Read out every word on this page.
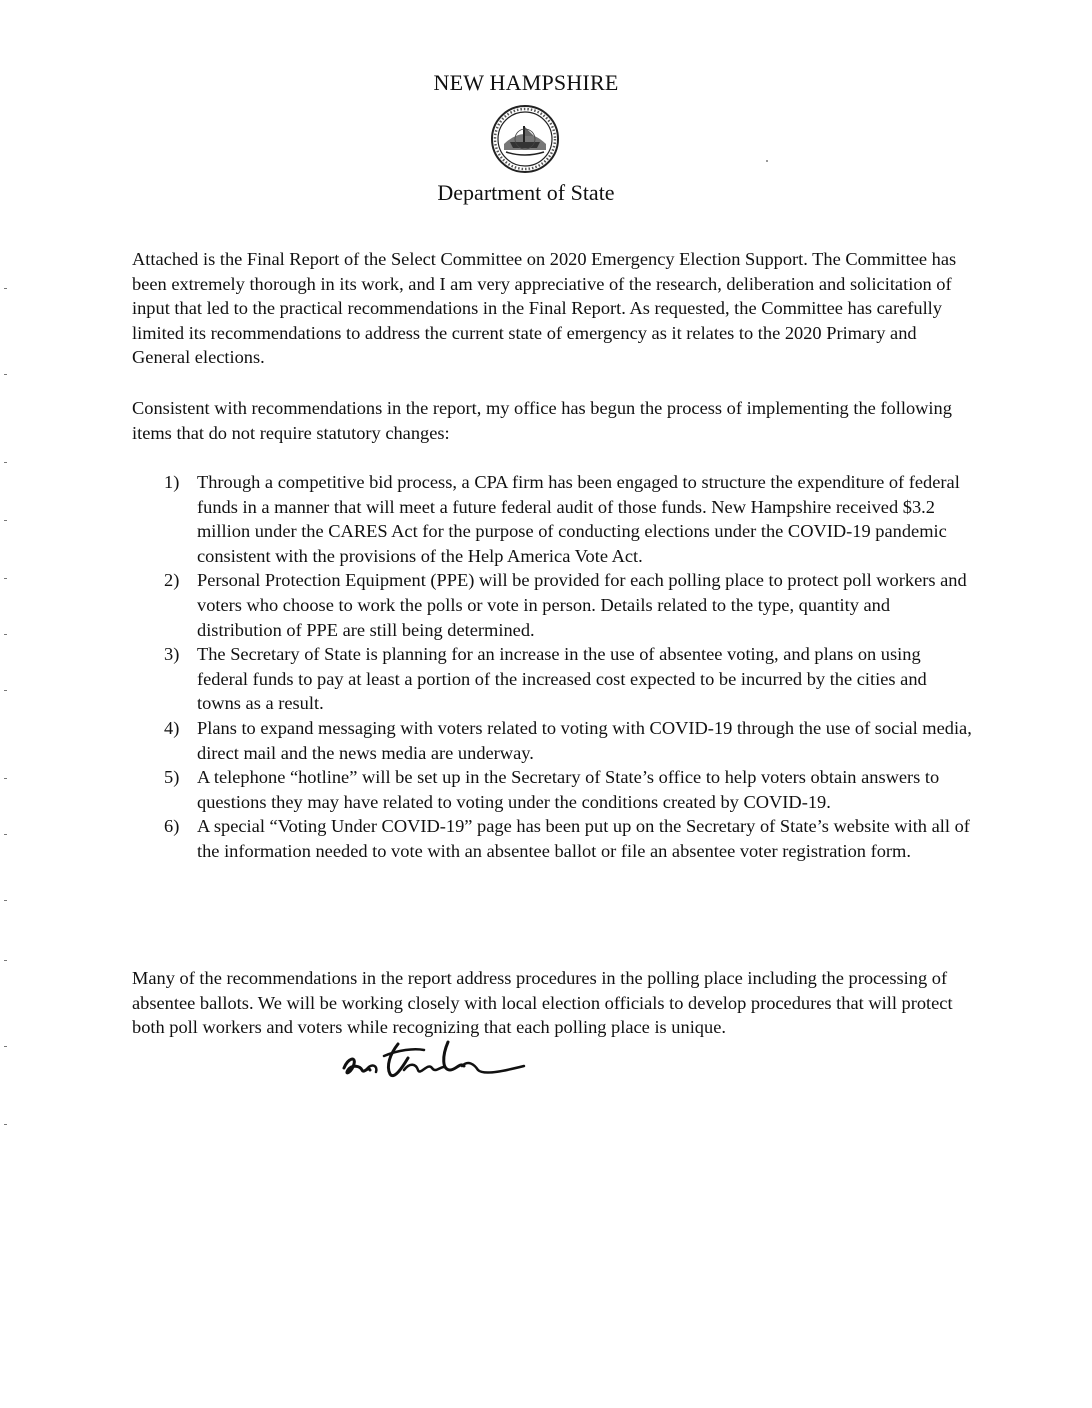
NEW HAMPSHIRE
Department of State

Attached is the Final Report of the Select Committee on 2020 Emergency Election Support. The Committee has been extremely thorough in its work, and I am very appreciative of the research, deliberation and solicitation of input that led to the practical recommendations in the Final Report. As requested, the Committee has carefully limited its recommendations to address the current state of emergency as it relates to the 2020 Primary and General elections.

Consistent with recommendations in the report, my office has begun the process of implementing the following items that do not require statutory changes:

1) Through a competitive bid process, a CPA firm has been engaged to structure the expenditure of federal funds in a manner that will meet a future federal audit of those funds. New Hampshire received $3.2 million under the CARES Act for the purpose of conducting elections under the COVID-19 pandemic consistent with the provisions of the Help America Vote Act.
2) Personal Protection Equipment (PPE) will be provided for each polling place to protect poll workers and voters who choose to work the polls or vote in person. Details related to the type, quantity and distribution of PPE are still being determined.
3) The Secretary of State is planning for an increase in the use of absentee voting, and plans on using federal funds to pay at least a portion of the increased cost expected to be incurred by the cities and towns as a result.
4) Plans to expand messaging with voters related to voting with COVID-19 through the use of social media, direct mail and the news media are underway.
5) A telephone “hotline” will be set up in the Secretary of State’s office to help voters obtain answers to questions they may have related to voting under the conditions created by COVID-19.
6) A special “Voting Under COVID-19” page has been put up on the Secretary of State’s website with all of the information needed to vote with an absentee ballot or file an absentee voter registration form.

Many of the recommendations in the report address procedures in the polling place including the processing of absentee ballots. We will be working closely with local election officials to develop procedures that will protect both poll workers and voters while recognizing that each polling place is unique.
